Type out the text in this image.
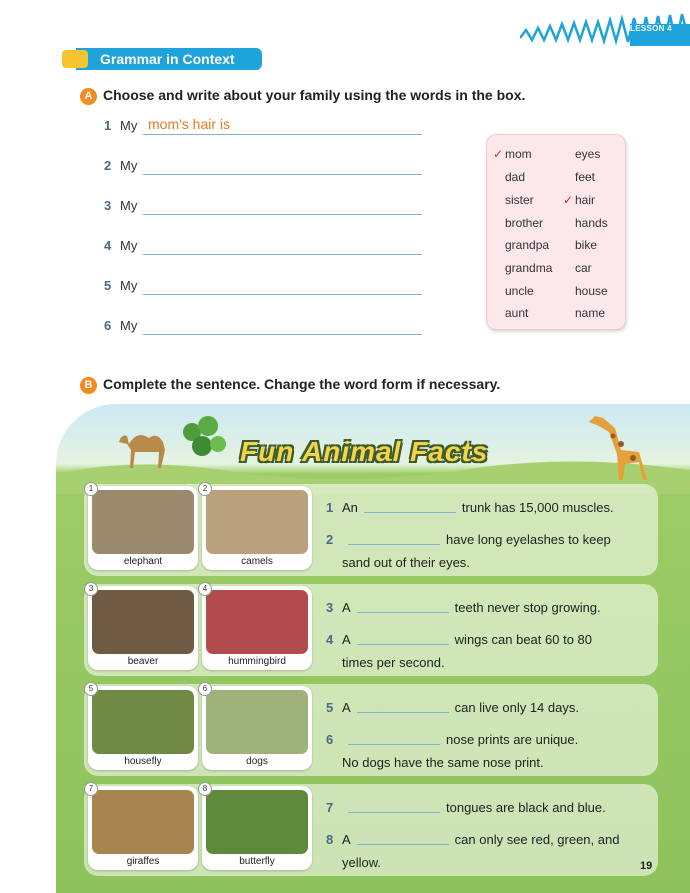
LESSON 4
Grammar in Context
A Choose and write about your family using the words in the box.
1 My mom's hair is
2 My
3 My
4 My
5 My
6 My
✓ mom
dad
sister
brother
grandpa
grandma
uncle
aunt
eyes
feet
✓ hair
hands
bike
car
house
name
B Complete the sentence. Change the word form if necessary.
Fun Animal Facts
1
elephant
2
camels
3
beaver
4
hummingbird
5
housefly
6
dogs
7
giraffes
8
butterfly
1 An	trunk has 15,000 muscles.
2	have long eyelashes to keep
sand out of their eyes.
3 A	teeth never stop growing.
4 A	wings can beat 60 to 80
times per second.
5 A	can live only 14 days.
6	nose prints are unique.
No dogs have the same nose print.
7	tongues are black and blue.
8 A	can only see red, green, and
yellow.	19
